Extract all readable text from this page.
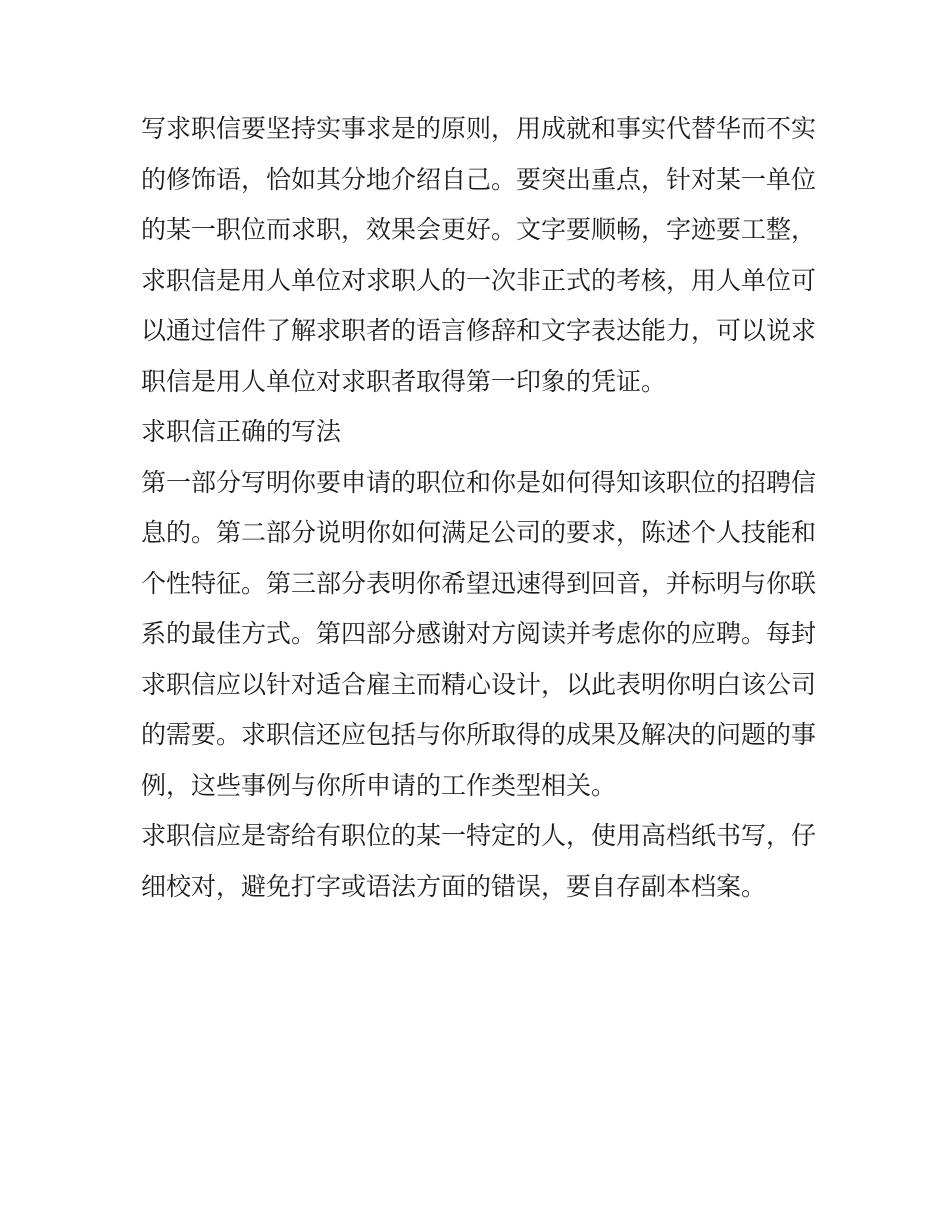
写求职信要坚持实事求是的原则，用成就和事实代替华而不实
的修饰语，恰如其分地介绍自己。要突出重点，针对某一单位
的某一职位而求职，效果会更好。文字要顺畅，字迹要工整，
求职信是用人单位对求职人的一次非正式的考核，用人单位可
以通过信件了解求职者的语言修辞和文字表达能力，可以说求
职信是用人单位对求职者取得第一印象的凭证。

求职信正确的写法

第一部分写明你要申请的职位和你是如何得知该职位的招聘信
息的。第二部分说明你如何满足公司的要求，陈述个人技能和
个性特征。第三部分表明你希望迅速得到回音，并标明与你联
系的最佳方式。第四部分感谢对方阅读并考虑你的应聘。每封
求职信应以针对适合雇主而精心设计，以此表明你明白该公司
的需要。求职信还应包括与你所取得的成果及解决的问题的事
例，这些事例与你所申请的工作类型相关。

求职信应是寄给有职位的某一特定的人，使用高档纸书写，仔
细校对，避免打字或语法方面的错误，要自存副本档案。
